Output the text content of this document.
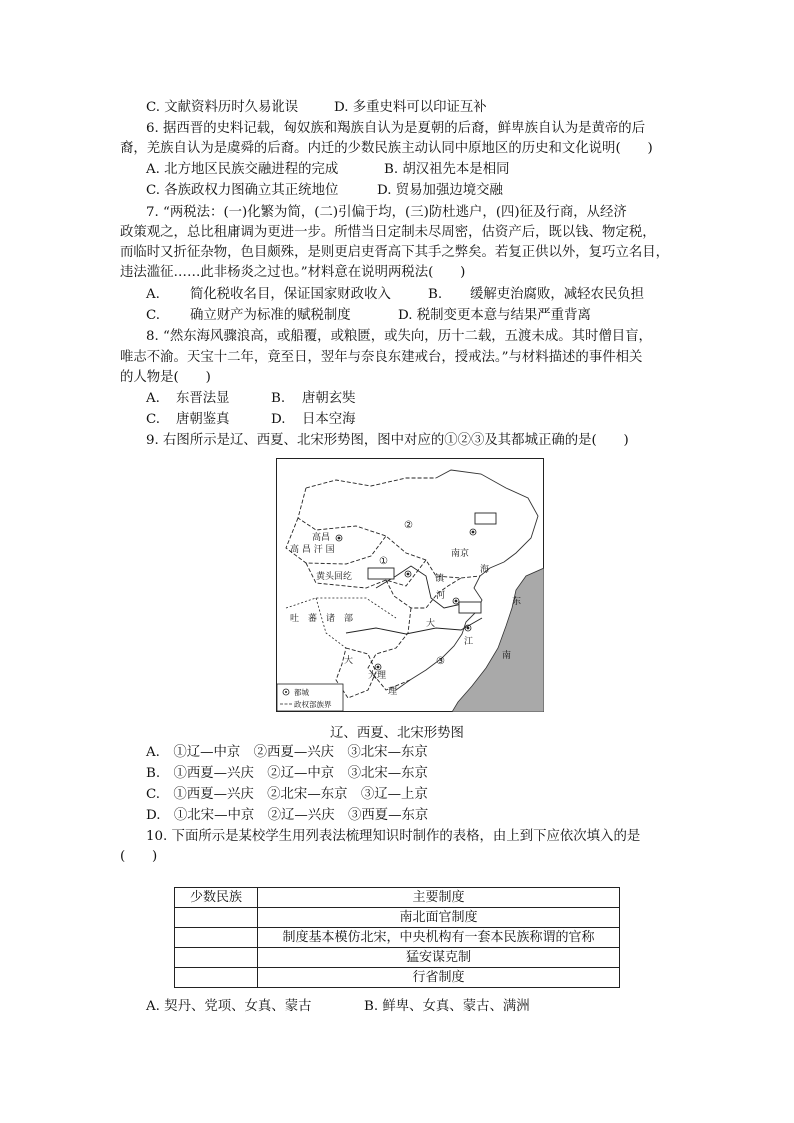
C. 文献资料历时久易讹误	D. 多重史料可以印证互补
6. 据西晋的史料记载，匈奴族和羯族自认为是夏朝的后裔，鲜卑族自认为是黄帝的后
裔，羌族自认为是虞舜的后裔。内迁的少数民族主动认同中原地区的历史和文化说明(　　)
A. 北方地区民族交融进程的完成	B. 胡汉祖先本是相同
C. 各族政权力图确立其正统地位	D. 贸易加强边境交融
7. “两税法：(一)化繁为简，(二)引偏于均，(三)防杜逃户，(四)征及行商，从经济
政策观之，总比租庸调为更进一步。所惜当日定制未尽周密，估资产后，既以钱、物定税，
而临时又折征杂物，色目颇殊，是则更启吏胥高下其手之弊矣。若复正供以外，复巧立名目，
违法滥征……此非杨炎之过也。”材料意在说明两税法(　　)
A. 简化税收名目，保证国家财政收入	B. 缓解吏治腐败，减轻农民负担
C. 确立财产为标准的赋税制度	D. 税制变更本意与结果严重背离
8. “然东海风骤浪高，或船覆，或粮匮，或失向，历十二载，五渡未成。其时僧目盲，
唯志不渝。天宝十二年，竟至日，翌年与奈良东建戒台，授戒法。”与材料描述的事件相关
的人物是(　　)
A. 东晋法显	B. 唐朝玄奘
C. 唐朝鉴真	D. 日本空海
9. 右图所示是辽、西夏、北宋形势图，图中对应的①②③及其都城正确的是(　　)
高昌
高 昌 汗 国
黄头回纥
吐　蕃　诸　部
大
大理
理
南京
①
②
③
镇
河
大
江
海
东
南
都城
政权部族界
辽、西夏、北宋形势图
A.　①辽—中京　②西夏—兴庆　③北宋—东京
B.　①西夏—兴庆　②辽—中京　③北宋—东京
C.　①西夏—兴庆　②北宋—东京　③辽—上京
D.　①北宋—中京　②辽—兴庆　③西夏—东京
10. 下面所示是某校学生用列表法梳理知识时制作的表格，由上到下应依次填入的是
(　　)
少数民族	主要制度
	南北面官制度
	制度基本模仿北宋，中央机构有一套本民族称谓的官称
	猛安谋克制
	行省制度
A. 契丹、党项、女真、蒙古	B. 鲜卑、女真、蒙古、满洲
